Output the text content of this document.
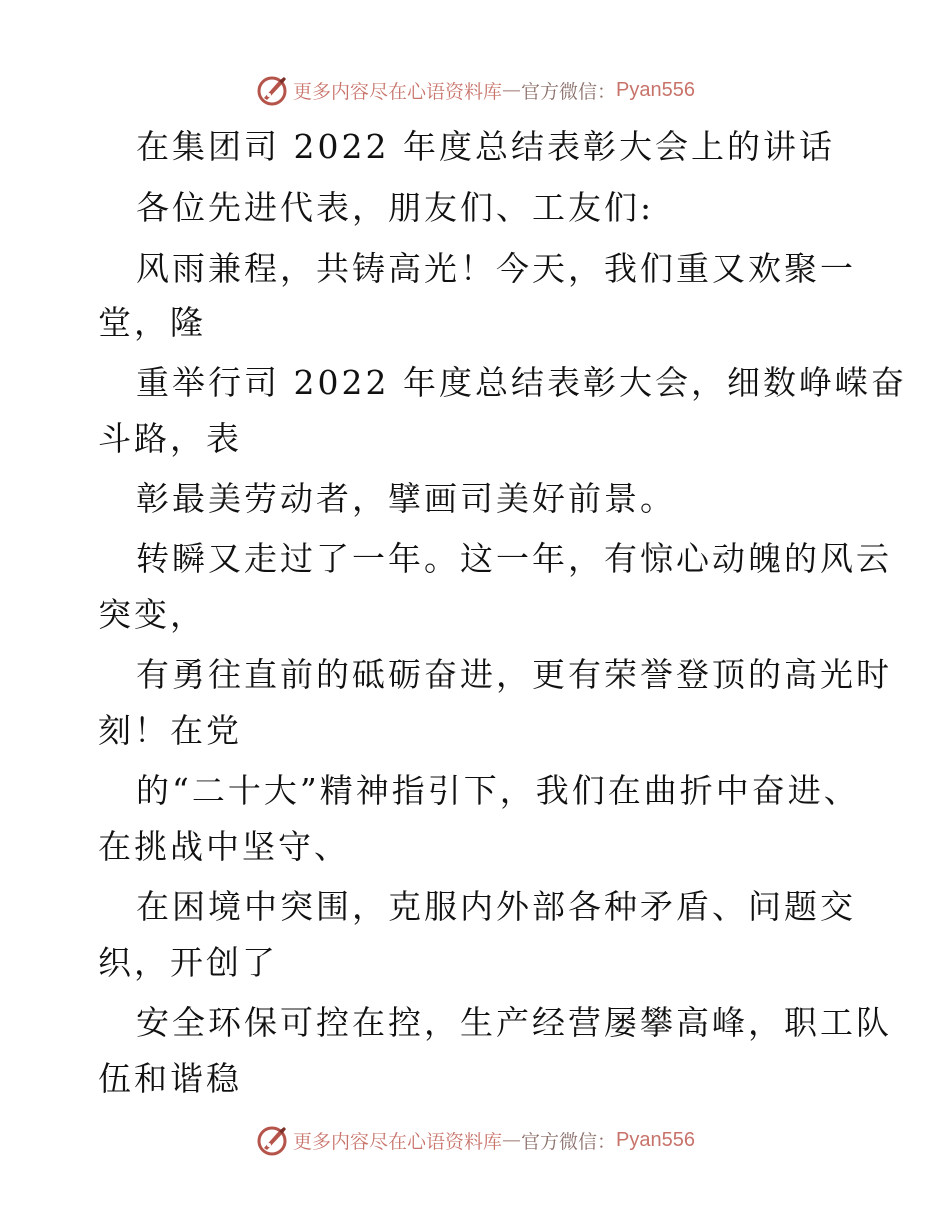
更多内容尽在心语资料库 — 官方微信： Pyan556
在集团司 2022 年度总结表彰大会上的讲话
各位先进代表，朋友们、工友们:
风雨兼程，共铸高光！今天，我们重又欢聚一
堂，隆
重举行司 2022 年度总结表彰大会，细数峥嵘奋
斗路，表
彰最美劳动者，擘画司美好前景。
转瞬又走过了一年。这一年，有惊心动魄的风云
突变，
有勇往直前的砥砺奋进，更有荣誉登顶的高光时
刻！在党
的“二十大”精神指引下，我们在曲折中奋进、
在挑战中坚守、
在困境中突围，克服内外部各种矛盾、问题交
织，开创了
安全环保可控在控，生产经营屡攀高峰，职工队
伍和谐稳
更多内容尽在心语资料库 — 官方微信： Pyan556
